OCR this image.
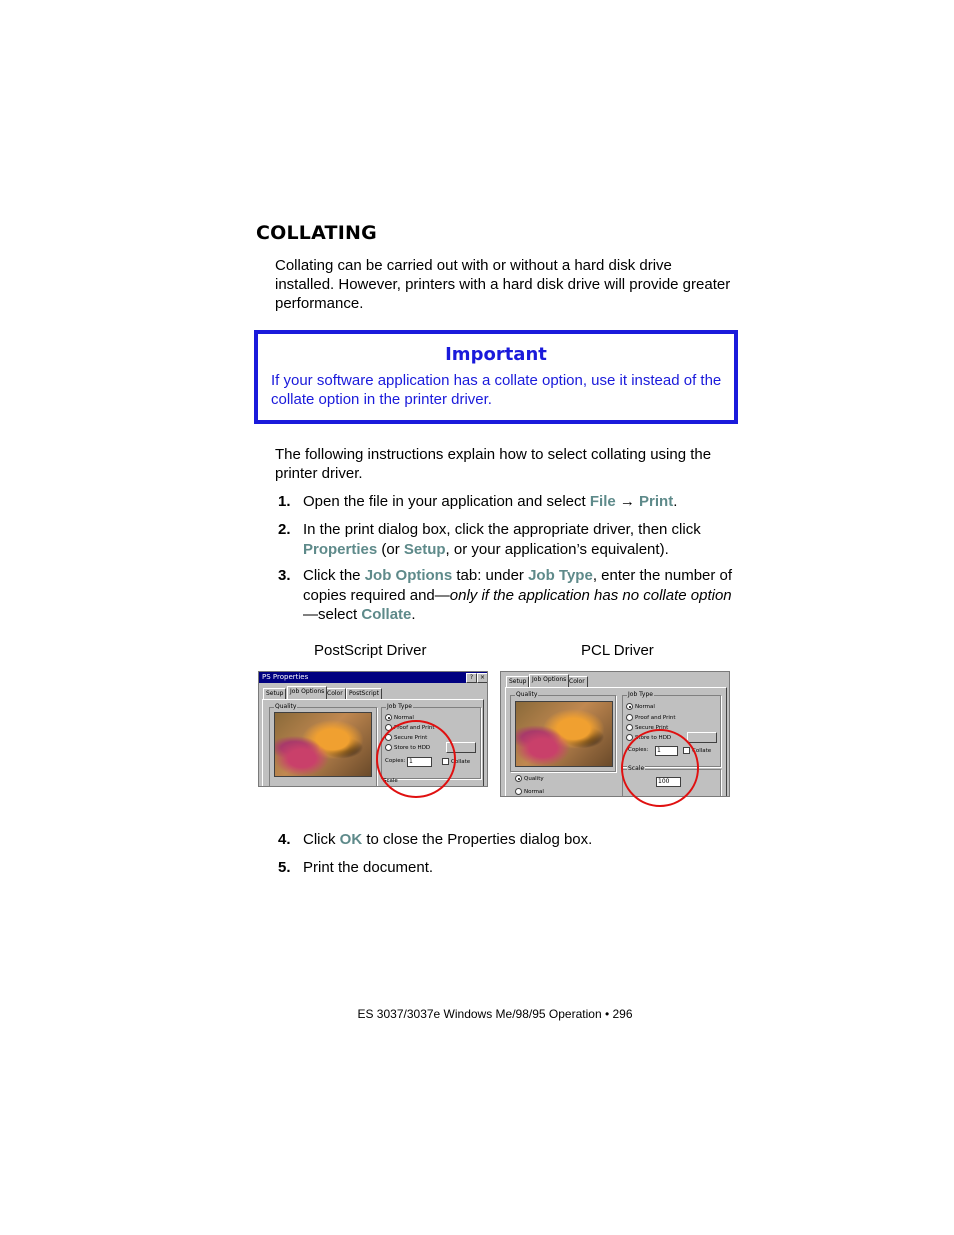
COLLATING

Collating can be carried out with or without a hard disk drive installed. However, printers with a hard disk drive will provide greater performance.

Important
If your software application has a collate option, use it instead of the collate option in the printer driver.

The following instructions explain how to select collating using the printer driver.

1. Open the file in your application and select File → Print.
2. In the print dialog box, click the appropriate driver, then click Properties (or Setup, or your application’s equivalent).
3. Click the Job Options tab: under Job Type, enter the number of copies required and—only if the application has no collate option—select Collate.
PostScript Driver	PCL Driver
PS Properties	?	×
Setup	Job Options Color	PostScript
Quality	Job Type
Normal
Proof and Print
Secure Print
Store to HDD
Copies: 1	Collate
Scale
Setup Job Options Color
Quality	Job Type
Normal
Proof and Print
Secure Print
Store to HDD
Copies:	1	Collate
Scale
100
Quality
Normal
4. Click OK to close the Properties dialog box.
5. Print the document.
ES 3037/3037e Windows Me/98/95 Operation • 296
